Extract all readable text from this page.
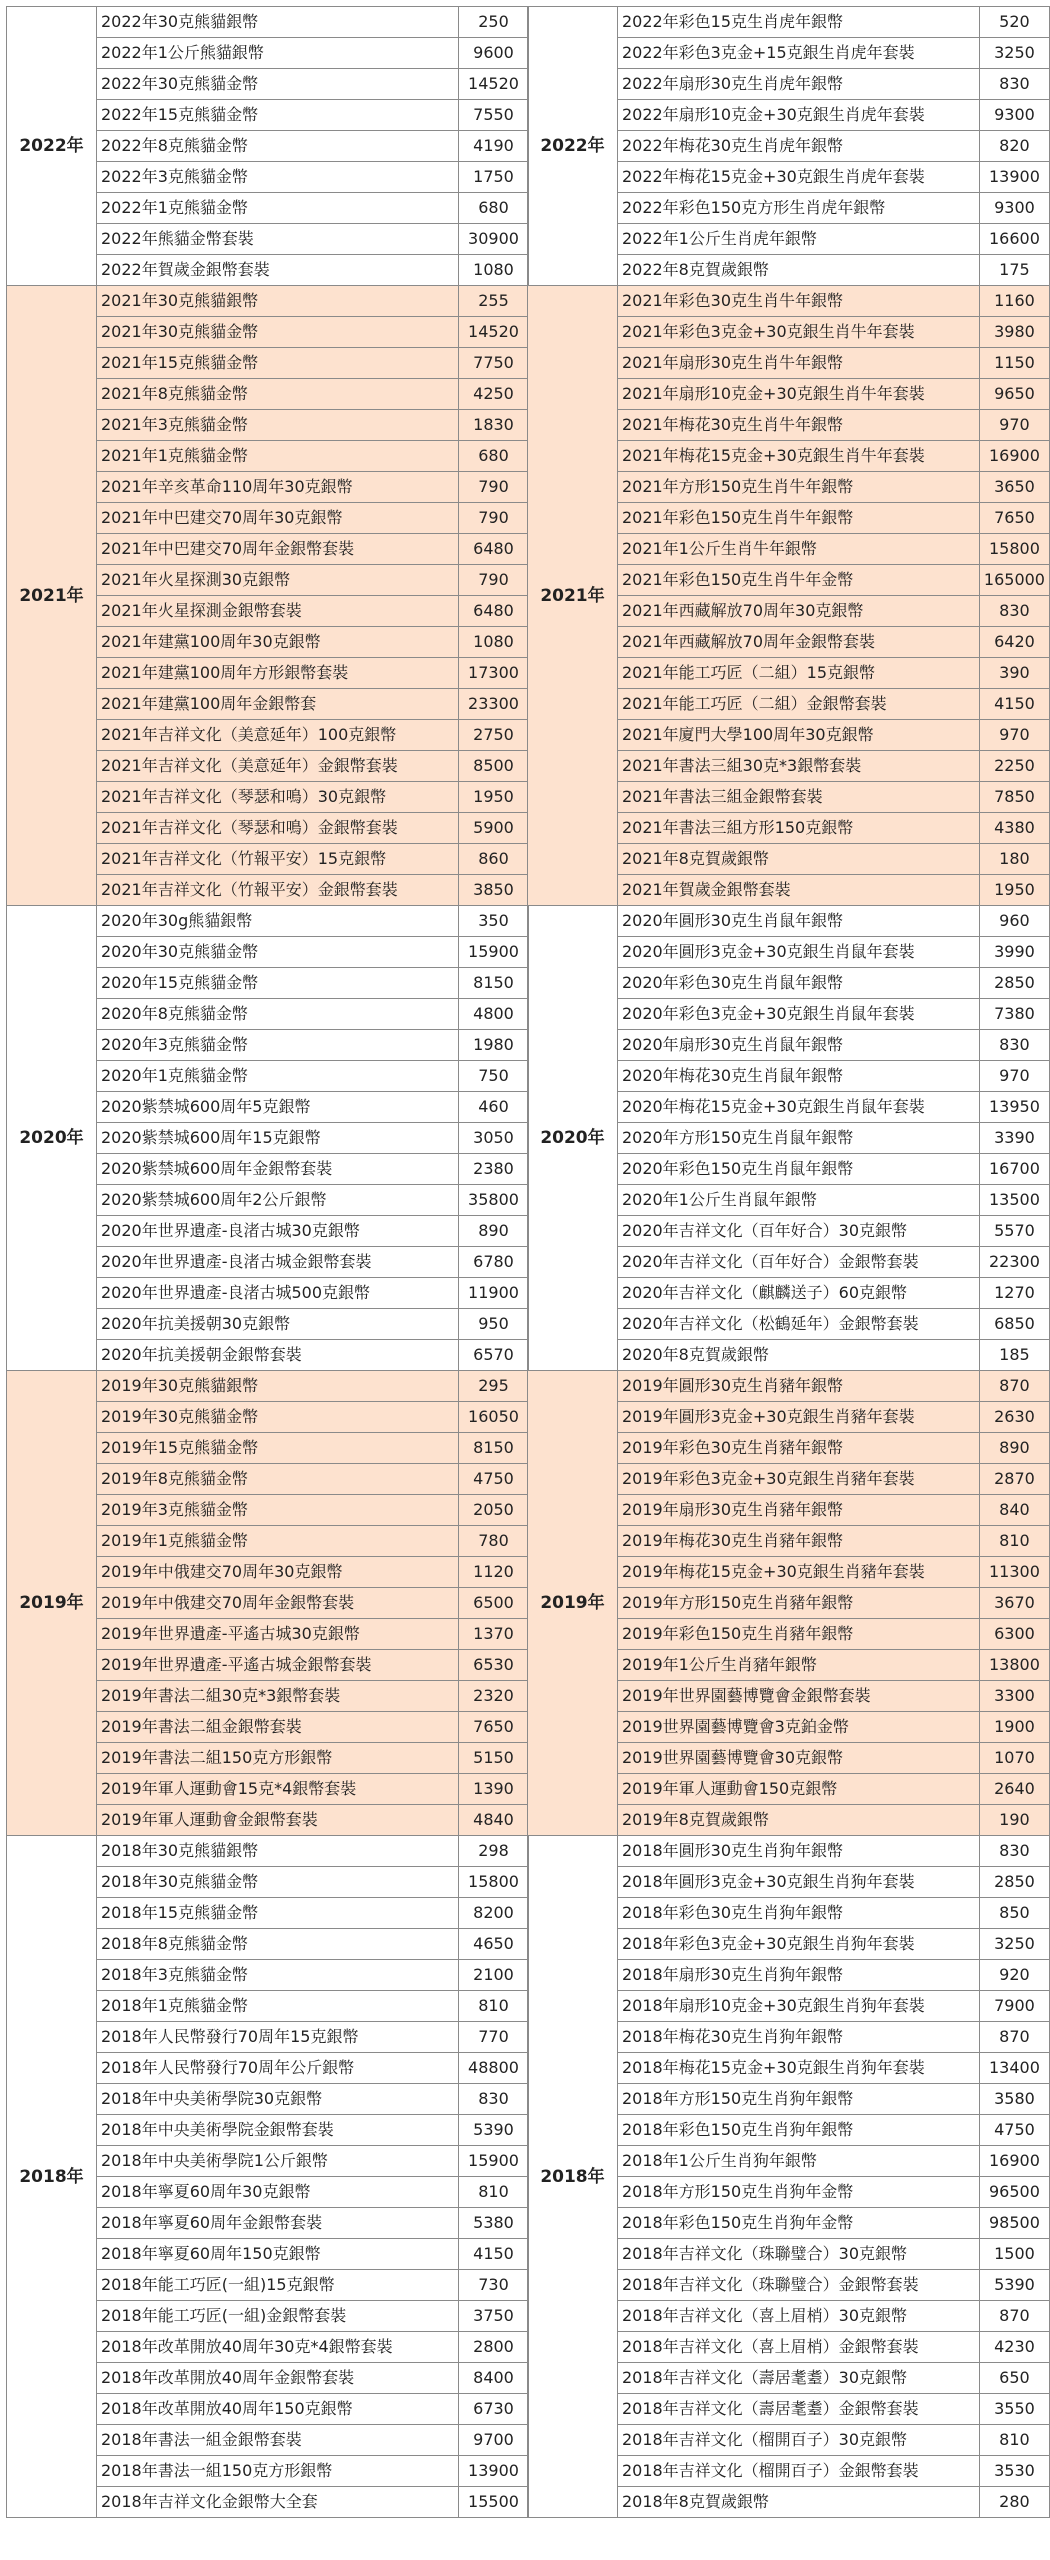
2022年	2022年30克熊貓銀幣	250
	2022年1公斤熊貓銀幣	9600
	2022年30克熊貓金幣	14520
	2022年15克熊貓金幣	7550
	2022年8克熊貓金幣	4190
	2022年3克熊貓金幣	1750
	2022年1克熊貓金幣	680
	2022年熊貓金幣套裝	30900
	2022年賀歲金銀幣套裝	1080
2021年	2021年30克熊貓銀幣	255
	2021年30克熊貓金幣	14520
	2021年15克熊貓金幣	7750
	2021年8克熊貓金幣	4250
	2021年3克熊貓金幣	1830
	2021年1克熊貓金幣	680
	2021年辛亥革命110周年30克銀幣	790
	2021年中巴建交70周年30克銀幣	790
	2021年中巴建交70周年金銀幣套裝	6480
	2021年火星探測30克銀幣	790
	2021年火星探測金銀幣套裝	6480
	2021年建黨100周年30克銀幣	1080
	2021年建黨100周年方形銀幣套裝	17300
	2021年建黨100周年金銀幣套	23300
	2021年吉祥文化（美意延年）100克銀幣	2750
	2021年吉祥文化（美意延年）金銀幣套裝	8500
	2021年吉祥文化（琴瑟和鳴）30克銀幣	1950
	2021年吉祥文化（琴瑟和鳴）金銀幣套裝	5900
	2021年吉祥文化（竹報平安）15克銀幣	860
	2021年吉祥文化（竹報平安）金銀幣套裝	3850
2020年	2020年30g熊貓銀幣	350
	2020年30克熊貓金幣	15900
	2020年15克熊貓金幣	8150
	2020年8克熊貓金幣	4800
	2020年3克熊貓金幣	1980
	2020年1克熊貓金幣	750
	2020紫禁城600周年5克銀幣	460
	2020紫禁城600周年15克銀幣	3050
	2020紫禁城600周年金銀幣套裝	2380
	2020紫禁城600周年2公斤銀幣	35800
	2020年世界遺產-良渚古城30克銀幣	890
	2020年世界遺產-良渚古城金銀幣套裝	6780
	2020年世界遺產-良渚古城500克銀幣	11900
	2020年抗美援朝30克銀幣	950
	2020年抗美援朝金銀幣套裝	6570
2019年	2019年30克熊貓銀幣	295
	2019年30克熊貓金幣	16050
	2019年15克熊貓金幣	8150
	2019年8克熊貓金幣	4750
	2019年3克熊貓金幣	2050
	2019年1克熊貓金幣	780
	2019年中俄建交70周年30克銀幣	1120
	2019年中俄建交70周年金銀幣套裝	6500
	2019年世界遺產-平遙古城30克銀幣	1370
	2019年世界遺產-平遙古城金銀幣套裝	6530
	2019年書法二組30克*3銀幣套裝	2320
	2019年書法二組金銀幣套裝	7650
	2019年書法二組150克方形銀幣	5150
	2019年軍人運動會15克*4銀幣套裝	1390
	2019年軍人運動會金銀幣套裝	4840
2018年	2018年30克熊貓銀幣	298
	2018年30克熊貓金幣	15800
	2018年15克熊貓金幣	8200
	2018年8克熊貓金幣	4650
	2018年3克熊貓金幣	2100
	2018年1克熊貓金幣	810
	2018年人民幣發行70周年15克銀幣	770
	2018年人民幣發行70周年公斤銀幣	48800
	2018年中央美術學院30克銀幣	830
	2018年中央美術學院金銀幣套裝	5390
	2018年中央美術學院1公斤銀幣	15900
	2018年寧夏60周年30克銀幣	810
	2018年寧夏60周年金銀幣套裝	5380
	2018年寧夏60周年150克銀幣	4150
	2018年能工巧匠(一組)15克銀幣	730
	2018年能工巧匠(一組)金銀幣套裝	3750
	2018年改革開放40周年30克*4銀幣套裝	2800
	2018年改革開放40周年金銀幣套裝	8400
	2018年改革開放40周年150克銀幣	6730
	2018年書法一組金銀幣套裝	9700
	2018年書法一組150克方形銀幣	13900
	2018年吉祥文化金銀幣大全套	15500
2022年	2022年彩色15克生肖虎年銀幣	520
	2022年彩色3克金+15克銀生肖虎年套裝	3250
	2022年扇形30克生肖虎年銀幣	830
	2022年扇形10克金+30克銀生肖虎年套裝	9300
	2022年梅花30克生肖虎年銀幣	820
	2022年梅花15克金+30克銀生肖虎年套裝	13900
	2022年彩色150克方形生肖虎年銀幣	9300
	2022年1公斤生肖虎年銀幣	16600
	2022年8克賀歲銀幣	175
2021年	2021年彩色30克生肖牛年銀幣	1160
	2021年彩色3克金+30克銀生肖牛年套裝	3980
	2021年扇形30克生肖牛年銀幣	1150
	2021年扇形10克金+30克銀生肖牛年套裝	9650
	2021年梅花30克生肖牛年銀幣	970
	2021年梅花15克金+30克銀生肖牛年套裝	16900
	2021年方形150克生肖牛年銀幣	3650
	2021年彩色150克生肖牛年銀幣	7650
	2021年1公斤生肖牛年銀幣	15800
	2021年彩色150克生肖牛年金幣	165000
	2021年西藏解放70周年30克銀幣	830
	2021年西藏解放70周年金銀幣套裝	6420
	2021年能工巧匠（二組）15克銀幣	390
	2021年能工巧匠（二組）金銀幣套裝	4150
	2021年廈門大學100周年30克銀幣	970
	2021年書法三組30克*3銀幣套裝	2250
	2021年書法三組金銀幣套裝	7850
	2021年書法三組方形150克銀幣	4380
	2021年8克賀歲銀幣	180
	2021年賀歲金銀幣套裝	1950
2020年	2020年圓形30克生肖鼠年銀幣	960
	2020年圓形3克金+30克銀生肖鼠年套裝	3990
	2020年彩色30克生肖鼠年銀幣	2850
	2020年彩色3克金+30克銀生肖鼠年套裝	7380
	2020年扇形30克生肖鼠年銀幣	830
	2020年梅花30克生肖鼠年銀幣	970
	2020年梅花15克金+30克銀生肖鼠年套裝	13950
	2020年方形150克生肖鼠年銀幣	3390
	2020年彩色150克生肖鼠年銀幣	16700
	2020年1公斤生肖鼠年銀幣	13500
	2020年吉祥文化（百年好合）30克銀幣	5570
	2020年吉祥文化（百年好合）金銀幣套裝	22300
	2020年吉祥文化（麒麟送子）60克銀幣	1270
	2020年吉祥文化（松鶴延年）金銀幣套裝	6850
	2020年8克賀歲銀幣	185
2019年	2019年圓形30克生肖豬年銀幣	870
	2019年圓形3克金+30克銀生肖豬年套裝	2630
	2019年彩色30克生肖豬年銀幣	890
	2019年彩色3克金+30克銀生肖豬年套裝	2870
	2019年扇形30克生肖豬年銀幣	840
	2019年梅花30克生肖豬年銀幣	810
	2019年梅花15克金+30克銀生肖豬年套裝	11300
	2019年方形150克生肖豬年銀幣	3670
	2019年彩色150克生肖豬年銀幣	6300
	2019年1公斤生肖豬年銀幣	13800
	2019年世界園藝博覽會金銀幣套裝	3300
	2019世界園藝博覽會3克鉑金幣	1900
	2019世界園藝博覽會30克銀幣	1070
	2019年軍人運動會150克銀幣	2640
	2019年8克賀歲銀幣	190
2018年	2018年圓形30克生肖狗年銀幣	830
	2018年圓形3克金+30克銀生肖狗年套裝	2850
	2018年彩色30克生肖狗年銀幣	850
	2018年彩色3克金+30克銀生肖狗年套裝	3250
	2018年扇形30克生肖狗年銀幣	920
	2018年扇形10克金+30克銀生肖狗年套裝	7900
	2018年梅花30克生肖狗年銀幣	870
	2018年梅花15克金+30克銀生肖狗年套裝	13400
	2018年方形150克生肖狗年銀幣	3580
	2018年彩色150克生肖狗年銀幣	4750
	2018年1公斤生肖狗年銀幣	16900
	2018年方形150克生肖狗年金幣	96500
	2018年彩色150克生肖狗年金幣	98500
	2018年吉祥文化（珠聯璧合）30克銀幣	1500
	2018年吉祥文化（珠聯璧合）金銀幣套裝	5390
	2018年吉祥文化（喜上眉梢）30克銀幣	870
	2018年吉祥文化（喜上眉梢）金銀幣套裝	4230
	2018年吉祥文化（壽居耄耋）30克銀幣	650
	2018年吉祥文化（壽居耄耋）金銀幣套裝	3550
	2018年吉祥文化（榴開百子）30克銀幣	810
	2018年吉祥文化（榴開百子）金銀幣套裝	3530
	2018年8克賀歲銀幣	280
